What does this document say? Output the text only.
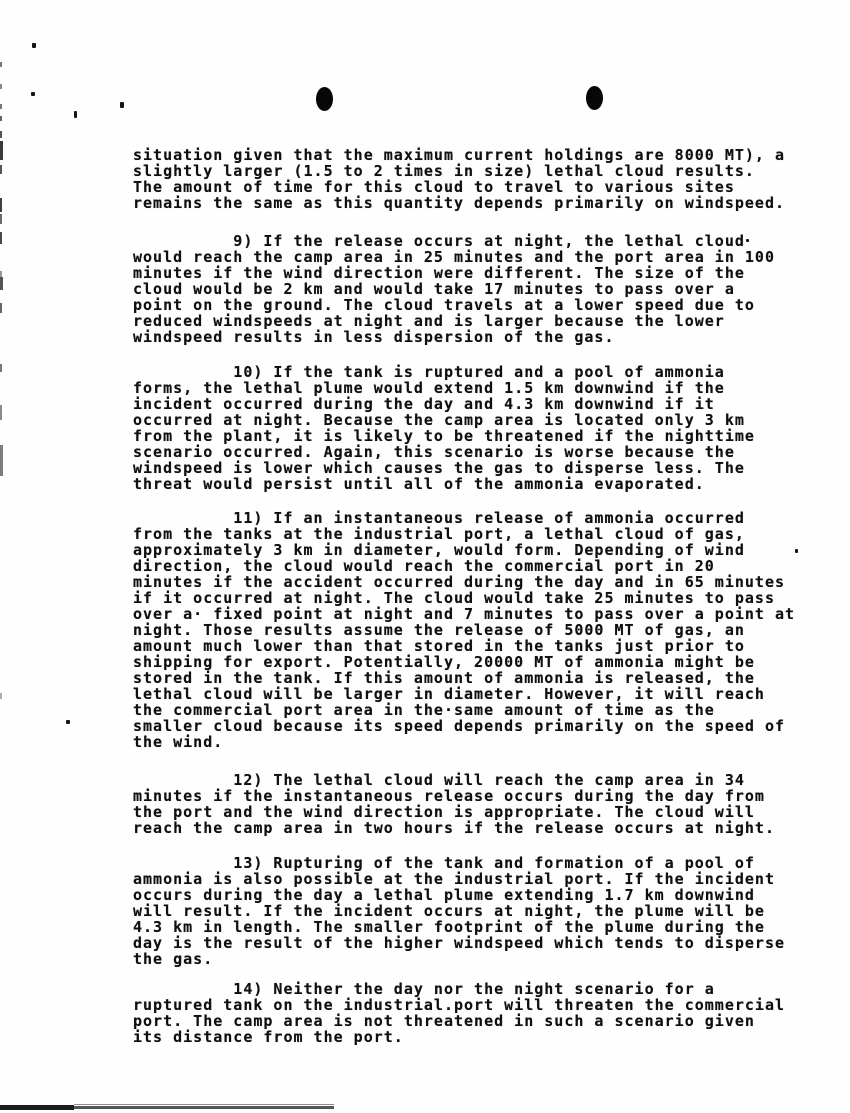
situation given that the maximum current holdings are 8000 MT), a
slightly larger (1.5 to 2 times in size) lethal cloud results.
The amount of time for this cloud to travel to various sites
remains the same as this quantity depends primarily on windspeed.
9) If the release occurs at night, the lethal cloud
would reach the camp area in 25 minutes and the port area in 100
minutes if the wind direction were different. The size of the
cloud would be 2 km and would take 17 minutes to pass over a
point on the ground. The cloud travels at a lower speed due to
reduced windspeeds at night and is larger because the lower
windspeed results in less dispersion of the gas.
10) If the tank is ruptured and a pool of ammonia
forms, the lethal plume would extend 1.5 km downwind if the
incident occurred during the day and 4.3 km downwind if it
occurred at night. Because the camp area is located only 3 km
from the plant, it is likely to be threatened if the nighttime
scenario occurred. Again, this scenario is worse because the
windspeed is lower which causes the gas to disperse less. The
threat would persist until all of the ammonia evaporated.
11) If an instantaneous release of ammonia occurred
from the tanks at the industrial port, a lethal cloud of gas,
approximately 3 km in diameter, would form. Depending of wind
direction, the cloud would reach the commercial port in 20
minutes if the accident occurred during the day and in 65 minutes
if it occurred at night. The cloud would take 25 minutes to pass
over a· fixed point at night and 7 minutes to pass over a point at
night. Those results assume the release of 5000 MT of gas, an
amount much lower than that stored in the tanks just prior to
shipping for export. Potentially, 20000 MT of ammonia might be
stored in the tank. If this amount of ammonia is released, the
lethal cloud will be larger in diameter. However, it will reach
the commercial port area in the·same amount of time as the
smaller cloud because its speed depends primarily on the speed of
the wind.
12) The lethal cloud will reach the camp area in 34
minutes if the instantaneous release occurs during the day from
the port and the wind direction is appropriate. The cloud will
reach the camp area in two hours if the release occurs at night.
13) Rupturing of the tank and formation of a pool of
ammonia is also possible at the industrial port. If the incident
occurs during the day a lethal plume extending 1.7 km downwind
will result. If the incident occurs at night, the plume will be
4.3 km in length. The smaller footprint of the plume during the
day is the result of the higher windspeed which tends to disperse
the gas.
14) Neither the day nor the night scenario for a
ruptured tank on the industrial.port will threaten the commercial
port. The camp area is not threatened in such a scenario given
its distance from the port.
